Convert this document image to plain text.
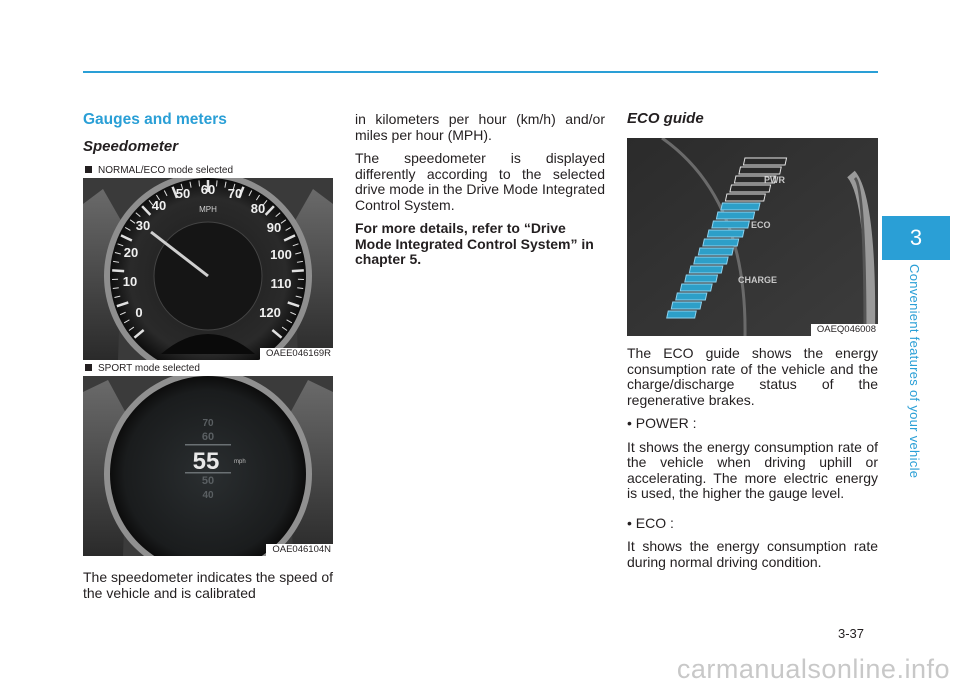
Gauges and meters
Speedometer
MPH
0
10
20
30
40
50 60 70
80
90
100
110
120
NORMAL/ECO mode selected
OAEE046169R
70
60
50
40
55 mph
SPORT mode selected
OAE046104N

The speedometer indicates the speed of the vehicle and is calibrated

in kilometers per hour (km/h) and/or miles per hour (MPH).

The speedometer is displayed differently according to the selected drive mode in the Drive Mode Integrated Control System.

For more details, refer to “Drive Mode Integrated Control System” in chapter 5.

ECO guide
PWR
ECO
CHARGE
OAEQ046008

The ECO guide shows the energy consumption rate of the vehicle and the charge/discharge status of the regenerative brakes.

• POWER :

It shows the energy consumption rate of the vehicle when driving uphill or accelerating. The more electric energy is used, the higher the gauge level.

• ECO :

It shows the energy consumption rate during normal driving condition.

3
Convenient features of your vehicle
3-37
carmanualsonline.info
